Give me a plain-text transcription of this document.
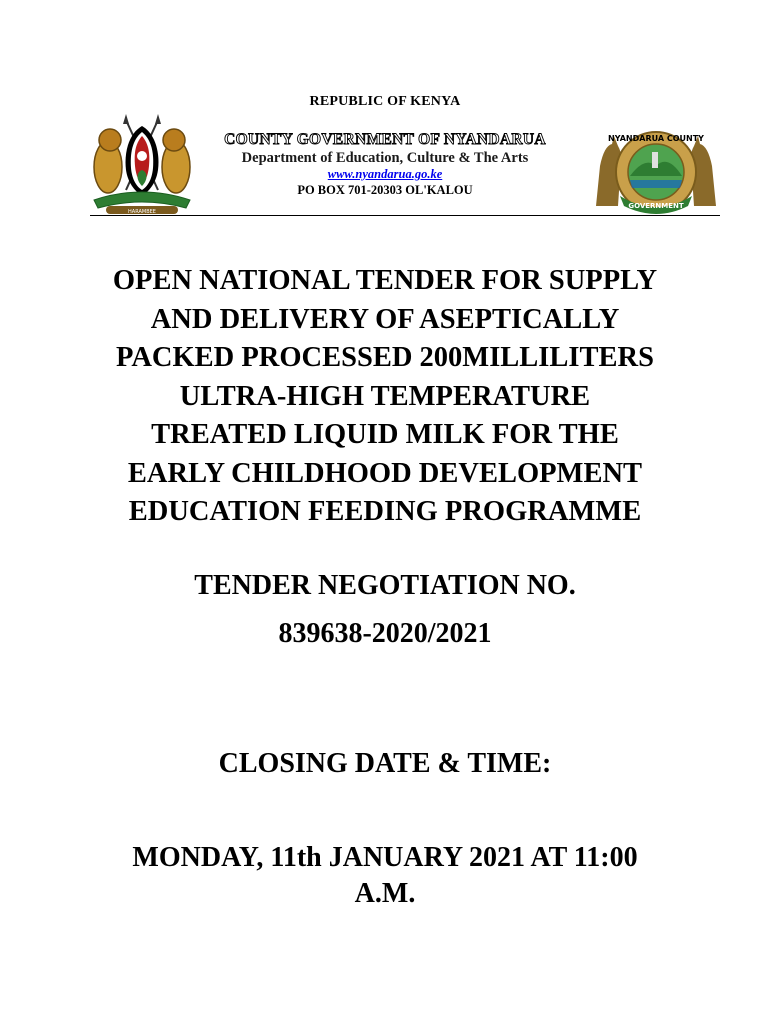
REPUBLIC OF KENYA
HARAMBEE
COUNTY GOVERNMENT OF NYANDARUA
Department of Education, Culture & The Arts
www.nyandarua.go.ke
PO BOX 701-20303 OL'KALOU
NYANDARUA COUNTY
GOVERNMENT
OPEN NATIONAL TENDER FOR SUPPLY
AND DELIVERY OF ASEPTICALLY
PACKED PROCESSED 200MILLILITERS
ULTRA-HIGH TEMPERATURE
TREATED LIQUID MILK FOR THE
EARLY CHILDHOOD DEVELOPMENT
EDUCATION FEEDING PROGRAMME
TENDER NEGOTIATION NO.
839638-2020/2021
CLOSING DATE & TIME:
MONDAY, 11th JANUARY 2021 AT 11:00
A.M.
